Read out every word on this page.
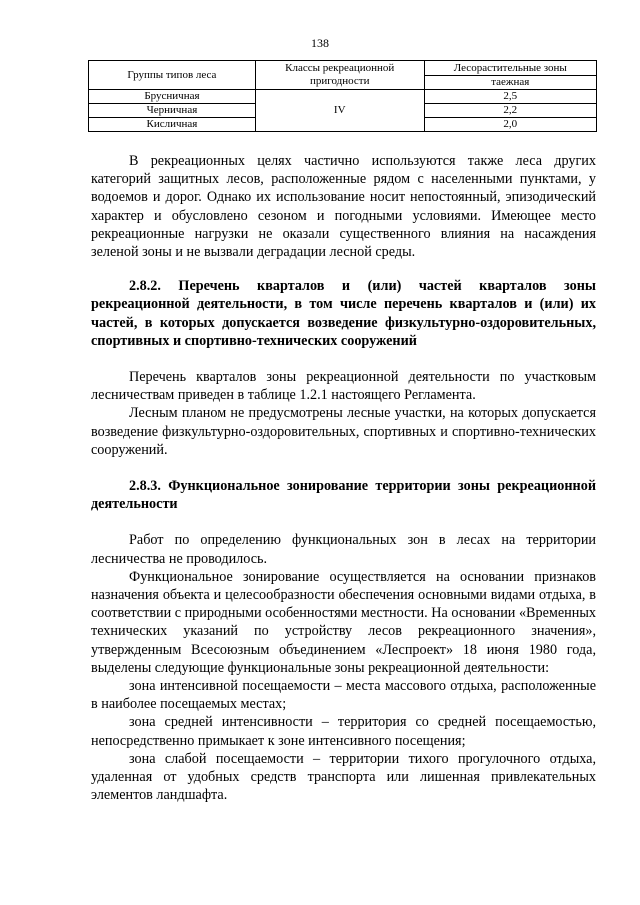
138
Группы типов леса	Классы рекреационной пригодности	Лесорастительные зоны
		таежная
Брусничная	IV	2,5
Черничная		2,2
Кисличная		2,0

В рекреационных целях частично используются также леса других категорий защитных лесов, расположенные рядом с населенными пунктами, у водоемов и дорог. Однако их использование носит непостоянный, эпизодический характер и обусловлено сезоном и погодными условиями. Имеющее место рекреационные нагрузки не оказали существенного влияния на насаждения зеленой зоны и не вызвали деградации лесной среды.

2.8.2. Перечень кварталов и (или) частей кварталов зоны рекреационной деятельности, в том числе перечень кварталов и (или) их частей, в которых допускается возведение физкультурно-оздоровительных, спортивных и спортивно-технических сооружений

Перечень кварталов зоны рекреационной деятельности по участковым лесничествам приведен в таблице 1.2.1 настоящего Регламента.

Лесным планом не предусмотрены лесные участки, на которых допускается возведение физкультурно-оздоровительных, спортивных и спортивно-технических сооружений.

2.8.3. Функциональное зонирование территории зоны рекреационной деятельности

Работ по определению функциональных зон в лесах на территории лесничества не проводилось.

Функциональное зонирование осуществляется на основании признаков назначения объекта и целесообразности обеспечения основными видами отдыха, в соответствии с природными особенностями местности. На основании «Временных технических указаний по устройству лесов рекреационного значения», утвержденным Всесоюзным объединением «Леспроект» 18 июня 1980 года, выделены следующие функциональные зоны рекреационной деятельности:

зона интенсивной посещаемости – места массового отдыха, расположенные в наиболее посещаемых местах;

зона средней интенсивности – территория со средней посещаемостью, непосредственно примыкает к зоне интенсивного посещения;

зона слабой посещаемости – территории тихого прогулочного отдыха, удаленная от удобных средств транспорта или лишенная привлекательных элементов ландшафта.
